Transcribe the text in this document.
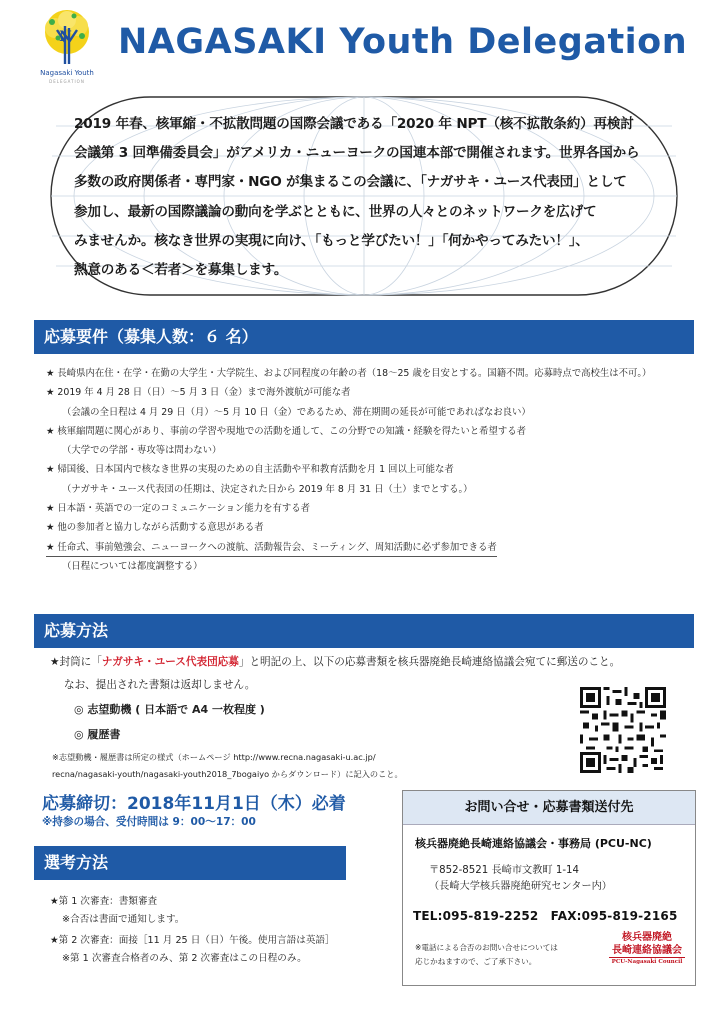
N
Nagasaki Youth
DELEGATION
NAGASAKI Youth Delegation

2019 年春、核軍縮・不拡散問題の国際会議である「2020 年 NPT（核不拡散条約）再検討

会議第 3 回準備委員会」がアメリカ・ニューヨークの国連本部で開催されます。世界各国から

多数の政府関係者・専門家・NGO が集まるこの会議に、「ナガサキ・ユース代表団」として

参加し、最新の国際議論の動向を学ぶとともに、世界の人々とのネットワークを広げて

みませんか。核なき世界の実現に向け、「もっと学びたい！」「何かやってみたい！」、

熱意のある＜若者＞を募集します。

応募要件（募集人数：６ 名）
★ 長崎県内在住・在学・在勤の大学生・大学院生、および同程度の年齢の者（18～25 歳を目安とする。国籍不問。応募時点で高校生は不可。）
★ 2019 年 4 月 28 日（日）～5 月 3 日（金）まで海外渡航が可能な者
（会議の全日程は 4 月 29 日（月）～5 月 10 日（金）であるため、滞在期間の延長が可能であればなお良い）
★ 核軍縮問題に関心があり、事前の学習や現地での活動を通して、この分野での知識・経験を得たいと希望する者
（大学での学部・専攻等は問わない）
★ 帰国後、日本国内で核なき世界の実現のための自主活動や平和教育活動を月 1 回以上可能な者
（ナガサキ・ユース代表団の任期は、決定された日から 2019 年 8 月 31 日（土）までとする。）
★ 日本語・英語での一定のコミュニケーション能力を有する者
★ 他の参加者と協力しながら活動する意思がある者
★ 任命式、事前勉強会、ニューヨークへの渡航、活動報告会、ミーティング、周知活動に必ず参加できる者
（日程については都度調整する）
応募方法
★封筒に「ナガサキ・ユース代表団応募」と明記の上、以下の応募書類を核兵器廃絶長崎連絡協議会宛てに郵送のこと。
なお、提出された書類は返却しません。
◎ 志望動機 ( 日本語で A4 一枚程度 )
◎ 履歴書
※志望動機・履歴書は所定の様式（ホームページ http://www.recna.nagasaki-u.ac.jp/
recna/nagasaki-youth/nagasaki-youth2018_7bogaiyo からダウンロード）に記入のこと。
応募締切：2018年11月1日（木）必着
※持参の場合、受付時間は 9：00～17：00
選考方法
★第 1 次審査：書類審査
※合否は書面で通知します。
★第 2 次審査：面接［11 月 25 日（日）午後。使用言語は英語］
※第 1 次審査合格者のみ、第 2 次審査はこの日程のみ。
お問い合せ・応募書類送付先
核兵器廃絶長崎連絡協議会・事務局 (PCU-NC)
〒852-8521 長崎市文教町 1-14
（長崎大学核兵器廃絶研究センター内）
TEL:095-819-2252　FAX:095-819-2165
※電話による合否のお問い合せについては
応じかねますので、ご了承下さい。
核兵器廃絶
長崎連絡協議会
PCU-Nagasaki Council
